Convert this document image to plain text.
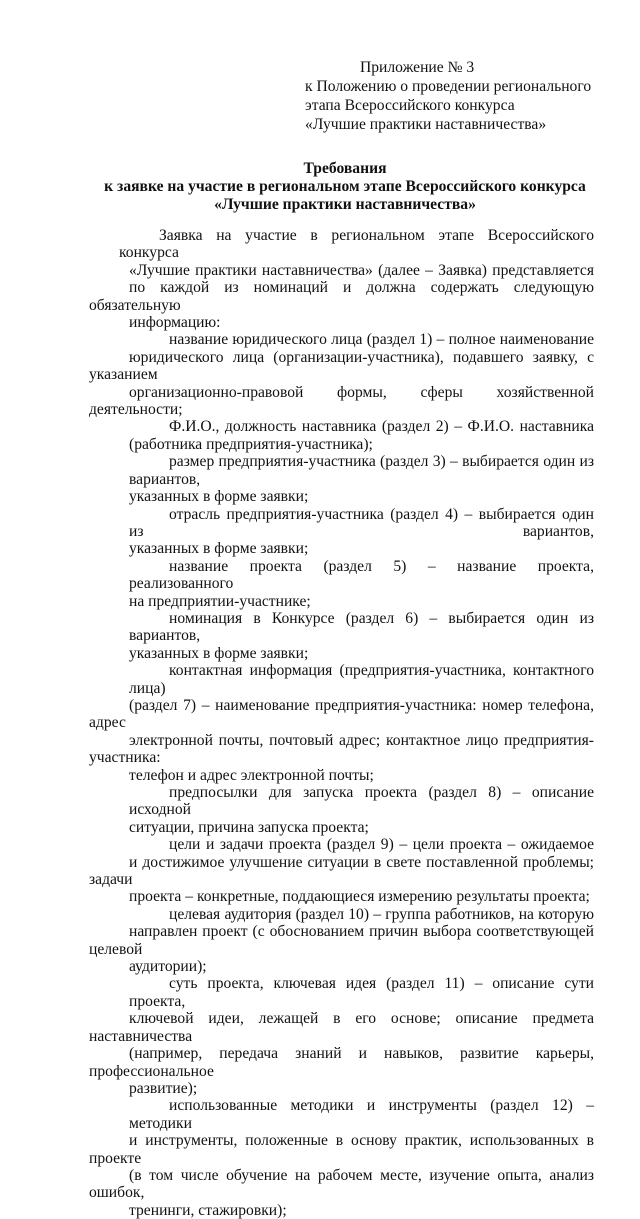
Приложение № 3
к Положению о проведении регионального
этапа Всероссийского конкурса
«Лучшие практики наставничества»
Требования
к заявке на участие в региональном этапе Всероссийского конкурса
«Лучшие практики наставничества»
Заявка на участие в региональном этапе Всероссийского конкурса
«Лучшие практики наставничества» (далее – Заявка) представляется
по каждой из номинаций и должна содержать следующую обязательную
информацию:
название юридического лица (раздел 1) – полное наименование
юридического лица (организации-участника), подавшего заявку, с указанием
организационно-правовой формы, сферы хозяйственной деятельности;
Ф.И.О., должность наставника (раздел 2) – Ф.И.О. наставника
(работника предприятия-участника);
размер предприятия-участника (раздел 3) – выбирается один из вариантов,
указанных в форме заявки;
отрасль предприятия-участника (раздел 4) – выбирается один из вариантов,
указанных в форме заявки;
название проекта (раздел 5) – название проекта, реализованного
на предприятии-участнике;
номинация в Конкурсе (раздел 6) – выбирается один из вариантов,
указанных в форме заявки;
контактная информация (предприятия-участника, контактного лица)
(раздел 7) – наименование предприятия-участника: номер телефона, адрес
электронной почты, почтовый адрес; контактное лицо предприятия-участника:
телефон и адрес электронной почты;
предпосылки для запуска проекта (раздел 8) – описание исходной
ситуации, причина запуска проекта;
цели и задачи проекта (раздел 9) – цели проекта – ожидаемое
и достижимое улучшение ситуации в свете поставленной проблемы; задачи
проекта – конкретные, поддающиеся измерению результаты проекта;
целевая аудитория (раздел 10) – группа работников, на которую
направлен проект (с обоснованием причин выбора соответствующей целевой
аудитории);
суть проекта, ключевая идея (раздел 11) – описание сути проекта,
ключевой идеи, лежащей в его основе; описание предмета наставничества
(например, передача знаний и навыков, развитие карьеры, профессиональное
развитие);
использованные методики и инструменты (раздел 12) – методики
и инструменты, положенные в основу практик, использованных в проекте
(в том числе обучение на рабочем месте, изучение опыта, анализ ошибок,
тренинги, стажировки);
